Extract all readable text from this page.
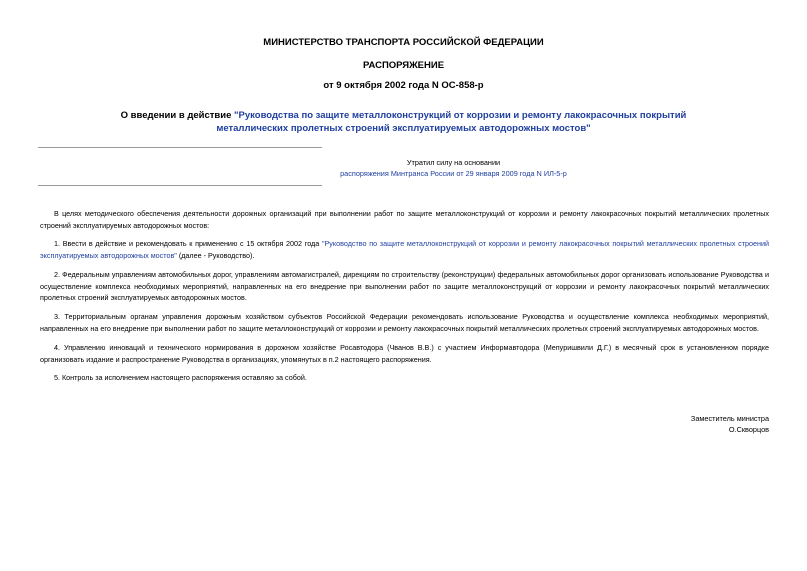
МИНИСТЕРСТВО ТРАНСПОРТА РОССИЙСКОЙ ФЕДЕРАЦИИ
РАСПОРЯЖЕНИЕ
от 9 октября 2002 года N ОС-858-р
О введении в действие "Руководства по защите металлоконструкций от коррозии и ремонту лакокрасочных покрытий металлических пролетных строений эксплуатируемых автодорожных мостов"
Утратил силу на основании
распоряжения Минтранса России от 29 января 2009 года N ИЛ-5-р
В целях методического обеспечения деятельности дорожных организаций при выполнении работ по защите металлоконструкций от коррозии и ремонту лакокрасочных покрытий металлических пролетных строений эксплуатируемых автодорожных мостов:
1. Ввести в действие и рекомендовать к применению с 15 октября 2002 года "Руководство по защите металлоконструкций от коррозии и ремонту лакокрасочных покрытий металлических пролетных строений эксплуатируемых автодорожных мостов" (далее - Руководство).
2. Федеральным управлениям автомобильных дорог, управлениям автомагистралей, дирекциям по строительству (реконструкции) федеральных автомобильных дорог организовать использование Руководства и осуществление комплекса необходимых мероприятий, направленных на его внедрение при выполнении работ по защите металлоконструкций от коррозии и ремонту лакокрасочных покрытий металлических пролетных строений эксплуатируемых автодорожных мостов.
3. Территориальным органам управления дорожным хозяйством субъектов Российской Федерации рекомендовать использование Руководства и осуществление комплекса необходимых мероприятий, направленных на его внедрение при выполнении работ по защите металлоконструкций от коррозии и ремонту лакокрасочных покрытий металлических пролетных строений эксплуатируемых автодорожных мостов.
4. Управлению инноваций и технического нормирования в дорожном хозяйстве Росавтодора (Чванов В.В.) с участием Информавтодора (Мепуришвили Д.Г.) в месячный срок в установленном порядке организовать издание и распространение Руководства в организациях, упомянутых в п.2 настоящего распоряжения.
5. Контроль за исполнением настоящего распоряжения оставляю за собой.
Заместитель министра
О.Скворцов
